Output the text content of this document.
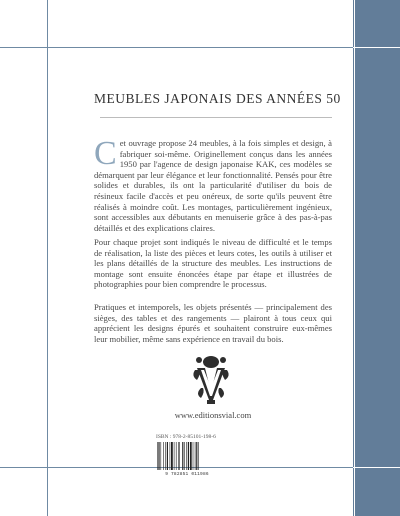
MEUBLES JAPONAIS DES ANNÉES 50

Cet ouvrage propose 24 meubles, à la fois simples et design, à fabriquer soi-même. Originellement conçus dans les années 1950 par l'agence de design japonaise KAK, ces modèles se démarquent par leur élégance et leur fonctionnalité. Pensés pour être solides et durables, ils ont la particularité d'utiliser du bois de résineux facile d'accès et peu onéreux, de sorte qu'ils peuvent être réalisés à moindre coût. Les montages, particulièrement ingénieux, sont accessibles aux débutants en menuiserie grâce à des pas-à-pas détaillés et des explications claires.

Pour chaque projet sont indiqués le niveau de difficulté et le temps de réalisation, la liste des pièces et leurs cotes, les outils à utiliser et les plans détaillés de la structure des meubles. Les instructions de montage sont ensuite énoncées étape par étape et illustrées de photographies pour bien comprendre le processus.

Pratiques et intemporels, les objets présentés — principalement des sièges, des tables et des rangements — plairont à tous ceux qui apprécient les designs épurés et souhaitent construire eux-mêmes leur mobilier, même sans expérience en travail du bois.

www.editionsvial.com
ISBN : 978-2-85101-198-6
9 782851 011986
